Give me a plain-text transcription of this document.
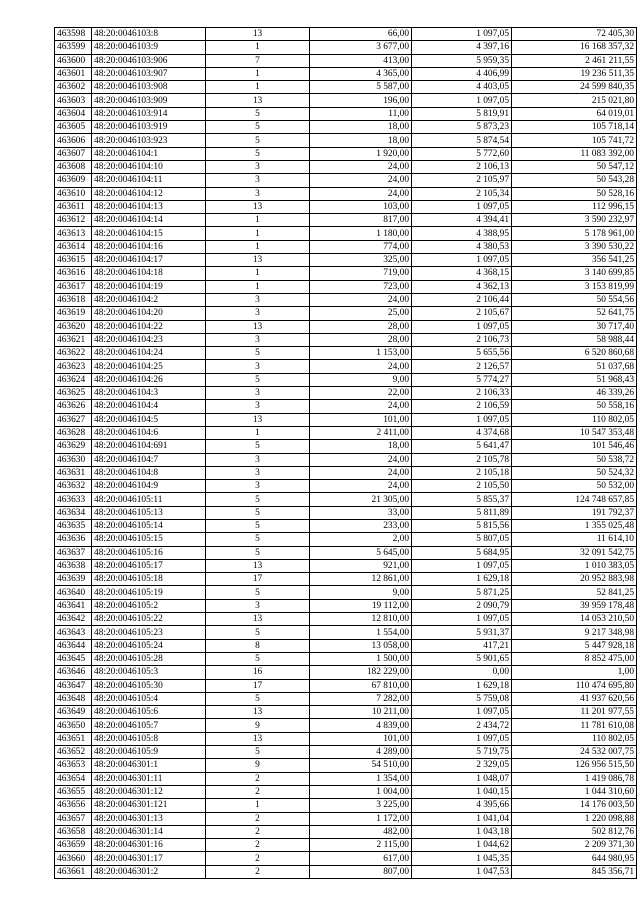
463598	48:20:0046103:8	13	66,00	1 097,05	72 405,30
463599	48:20:0046103:9	1	3 677,00	4 397,16	16 168 357,32
463600	48:20:0046103:906	7	413,00	5 959,35	2 461 211,55
463601	48:20:0046103:907	1	4 365,00	4 406,99	19 236 511,35
463602	48:20:0046103:908	1	5 587,00	4 403,05	24 599 840,35
463603	48:20:0046103:909	13	196,00	1 097,05	215 021,80
463604	48:20:0046103:914	5	11,00	5 819,91	64 019,01
463605	48:20:0046103:919	5	18,00	5 873,23	105 718,14
463606	48:20:0046103:923	5	18,00	5 874,54	105 741,72
463607	48:20:0046104:1	5	1 920,00	5 772,60	11 083 392,00
463608	48:20:0046104:10	3	24,00	2 106,13	50 547,12
463609	48:20:0046104:11	3	24,00	2 105,97	50 543,28
463610	48:20:0046104:12	3	24,00	2 105,34	50 528,16
463611	48:20:0046104:13	13	103,00	1 097,05	112 996,15
463612	48:20:0046104:14	1	817,00	4 394,41	3 590 232,97
463613	48:20:0046104:15	1	1 180,00	4 388,95	5 178 961,00
463614	48:20:0046104:16	1	774,00	4 380,53	3 390 530,22
463615	48:20:0046104:17	13	325,00	1 097,05	356 541,25
463616	48:20:0046104:18	1	719,00	4 368,15	3 140 699,85
463617	48:20:0046104:19	1	723,00	4 362,13	3 153 819,99
463618	48:20:0046104:2	3	24,00	2 106,44	50 554,56
463619	48:20:0046104:20	3	25,00	2 105,67	52 641,75
463620	48:20:0046104:22	13	28,00	1 097,05	30 717,40
463621	48:20:0046104:23	3	28,00	2 106,73	58 988,44
463622	48:20:0046104:24	5	1 153,00	5 655,56	6 520 860,68
463623	48:20:0046104:25	3	24,00	2 126,57	51 037,68
463624	48:20:0046104:26	5	9,00	5 774,27	51 968,43
463625	48:20:0046104:3	3	22,00	2 106,33	46 339,26
463626	48:20:0046104:4	3	24,00	2 106,59	50 558,16
463627	48:20:0046104:5	13	101,00	1 097,05	110 802,05
463628	48:20:0046104:6	1	2 411,00	4 374,68	10 547 353,48
463629	48:20:0046104:691	5	18,00	5 641,47	101 546,46
463630	48:20:0046104:7	3	24,00	2 105,78	50 538,72
463631	48:20:0046104:8	3	24,00	2 105,18	50 524,32
463632	48:20:0046104:9	3	24,00	2 105,50	50 532,00
463633	48:20:0046105:11	5	21 305,00	5 855,37	124 748 657,85
463634	48:20:0046105:13	5	33,00	5 811,89	191 792,37
463635	48:20:0046105:14	5	233,00	5 815,56	1 355 025,48
463636	48:20:0046105:15	5	2,00	5 807,05	11 614,10
463637	48:20:0046105:16	5	5 645,00	5 684,95	32 091 542,75
463638	48:20:0046105:17	13	921,00	1 097,05	1 010 383,05
463639	48:20:0046105:18	17	12 861,00	1 629,18	20 952 883,98
463640	48:20:0046105:19	5	9,00	5 871,25	52 841,25
463641	48:20:0046105:2	3	19 112,00	2 090,79	39 959 178,48
463642	48:20:0046105:22	13	12 810,00	1 097,05	14 053 210,50
463643	48:20:0046105:23	5	1 554,00	5 931,37	9 217 348,98
463644	48:20:0046105:24	8	13 058,00	417,21	5 447 928,18
463645	48:20:0046105:28	5	1 500,00	5 901,65	8 852 475,00
463646	48:20:0046105:3	16	182 229,00	0,00	1,00
463647	48:20:0046105:30	17	67 810,00	1 629,18	110 474 695,80
463648	48:20:0046105:4	5	7 282,00	5 759,08	41 937 620,56
463649	48:20:0046105:6	13	10 211,00	1 097,05	11 201 977,55
463650	48:20:0046105:7	9	4 839,00	2 434,72	11 781 610,08
463651	48:20:0046105:8	13	101,00	1 097,05	110 802,05
463652	48:20:0046105:9	5	4 289,00	5 719,75	24 532 007,75
463653	48:20:0046301:1	9	54 510,00	2 329,05	126 956 515,50
463654	48:20:0046301:11	2	1 354,00	1 048,07	1 419 086,78
463655	48:20:0046301:12	2	1 004,00	1 040,15	1 044 310,60
463656	48:20:0046301:121	1	3 225,00	4 395,66	14 176 003,50
463657	48:20:0046301:13	2	1 172,00	1 041,04	1 220 098,88
463658	48:20:0046301:14	2	482,00	1 043,18	502 812,76
463659	48:20:0046301:16	2	2 115,00	1 044,62	2 209 371,30
463660	48:20:0046301:17	2	617,00	1 045,35	644 980,95
463661	48:20:0046301:2	2	807,00	1 047,53	845 356,71
